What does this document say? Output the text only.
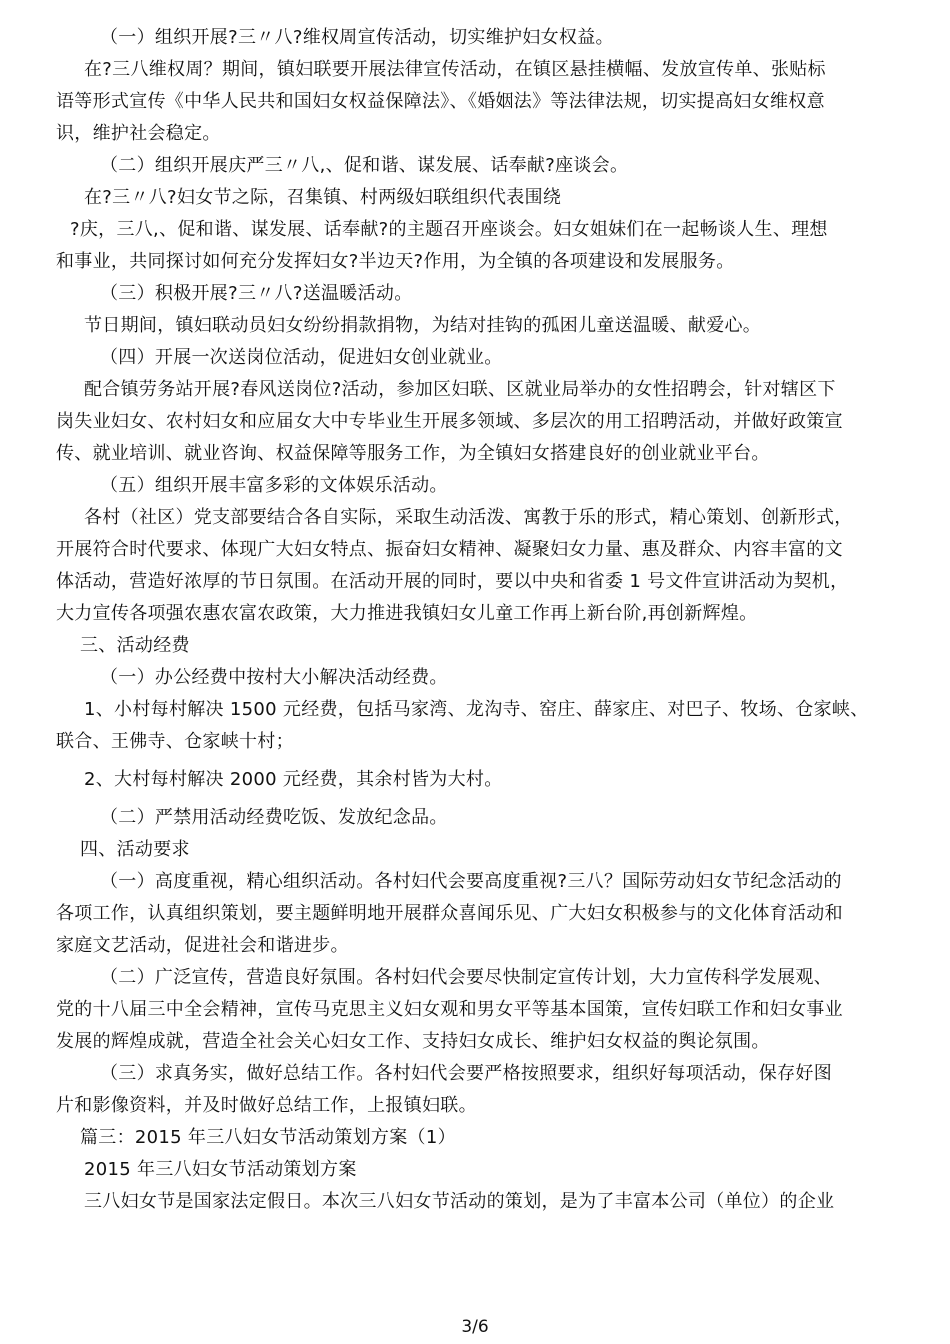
（一）组织开展?三〃八?维权周宣传活动，切实维护妇女权益。
在?三八维权周？期间，镇妇联要开展法律宣传活动，在镇区悬挂横幅、发放宣传单、张贴标
语等形式宣传《中华人民共和国妇女权益保障法》、《婚姻法》等法律法规，切实提高妇女维权意
识，维护社会稳定。
（二）组织开展庆严三〃八,、促和谐、谋发展、话奉献?座谈会。
在?三〃八?妇女节之际，召集镇、村两级妇联组织代表围绕
?庆，三八,、促和谐、谋发展、话奉献?的主题召开座谈会。妇女姐妹们在一起畅谈人生、理想
和事业，共同探讨如何充分发挥妇女?半边天?作用，为全镇的各项建设和发展服务。
（三）积极开展?三〃八?送温暖活动。
节日期间，镇妇联动员妇女纷纷捐款捐物，为结对挂钩的孤困儿童送温暖、献爱心。
（四）开展一次送岗位活动，促进妇女创业就业。
配合镇劳务站开展?春风送岗位?活动，参加区妇联、区就业局举办的女性招聘会，针对辖区下
岗失业妇女、农村妇女和应届女大中专毕业生开展多领域、多层次的用工招聘活动，并做好政策宣
传、就业培训、就业咨询、权益保障等服务工作，为全镇妇女搭建良好的创业就业平台。
（五）组织开展丰富多彩的文体娱乐活动。
各村（社区）党支部要结合各自实际，采取生动活泼、寓教于乐的形式，精心策划、创新形式，
开展符合时代要求、体现广大妇女特点、振奋妇女精神、凝聚妇女力量、惠及群众、内容丰富的文
体活动，营造好浓厚的节日氛围。在活动开展的同时，要以中央和省委 1 号文件宣讲活动为契机，
大力宣传各项强农惠农富农政策，大力推进我镇妇女儿童工作再上新台阶,再创新辉煌。
三、活动经费
（一）办公经费中按村大小解决活动经费。
1、小村每村解决 1500 元经费，包括马家湾、龙沟寺、窑庄、薛家庄、对巴子、牧场、仓家峡、
联合、王佛寺、仓家峡十村；
2、大村每村解决 2000 元经费，其余村皆为大村。
（二）严禁用活动经费吃饭、发放纪念品。
四、活动要求
（一）高度重视，精心组织活动。各村妇代会要高度重视?三八？国际劳动妇女节纪念活动的
各项工作，认真组织策划，要主题鲜明地开展群众喜闻乐见、广大妇女积极参与的文化体育活动和
家庭文艺活动，促进社会和谐进步。
（二）广泛宣传，营造良好氛围。各村妇代会要尽快制定宣传计划，大力宣传科学发展观、
党的十八届三中全会精神，宣传马克思主义妇女观和男女平等基本国策，宣传妇联工作和妇女事业
发展的辉煌成就，营造全社会关心妇女工作、支持妇女成长、维护妇女权益的舆论氛围。
（三）求真务实，做好总结工作。各村妇代会要严格按照要求，组织好每项活动，保存好图
片和影像资料，并及时做好总结工作，上报镇妇联。
篇三：2015 年三八妇女节活动策划方案（1）
2015 年三八妇女节活动策划方案
三八妇女节是国家法定假日。本次三八妇女节活动的策划，是为了丰富本公司（单位）的企业
3/6
